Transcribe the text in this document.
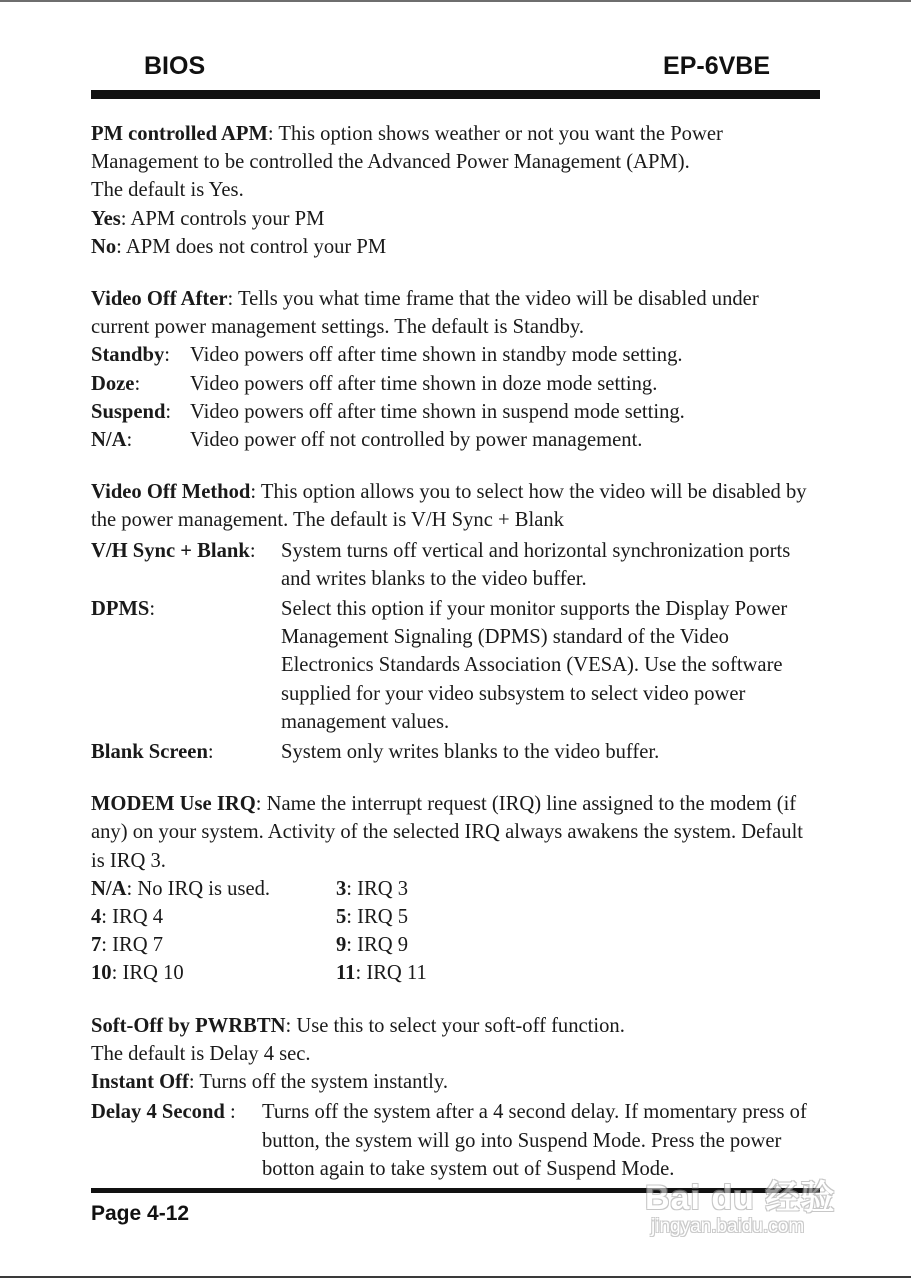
BIOS	EP-6VBE
PM controlled APM: This option shows weather or not you want the Power Management to be controlled the Advanced Power Management (APM).
The default is Yes.
Yes: APM controls your PM
No: APM does not control your PM
Video Off After: Tells you what time frame that the video will be disabled under current power management settings. The default is Standby.
Standby: Video powers off after time shown in standby mode setting.
Doze:	Video powers off after time shown in doze mode setting.
Suspend: Video powers off after time shown in suspend mode setting.
N/A:	Video power off not controlled by power management.
Video Off Method: This option allows you to select how the video will be disabled by the power management. The default is V/H Sync + Blank
V/H Sync + Blank:	System turns off vertical and horizontal synchronization ports and writes blanks to the video buffer.
DPMS:	Select this option if your monitor supports the Display Power Management Signaling (DPMS) standard of the Video Electronics Standards Association (VESA). Use the software supplied for your video subsystem to select video power management values.
Blank Screen:	System only writes blanks to the video buffer.
MODEM Use IRQ: Name the interrupt request (IRQ) line assigned to the modem (if any) on your system. Activity of the selected IRQ always awakens the system. Default is IRQ 3.
N/A: No IRQ is used.	3: IRQ 3
4: IRQ 4	5: IRQ 5
7: IRQ 7	9: IRQ 9
10: IRQ 10	11: IRQ 11
Soft-Off by PWRBTN: Use this to select your soft-off function.
The default is Delay 4 sec.
Instant Off: Turns off the system instantly.
Delay 4 Second :	Turns off the system after a 4 second delay. If momentary press of button, the system will go into Suspend Mode. Press the power botton again to take system out of Suspend Mode.
Page 4-12	Bai du 经验
jingyan.baidu.com
